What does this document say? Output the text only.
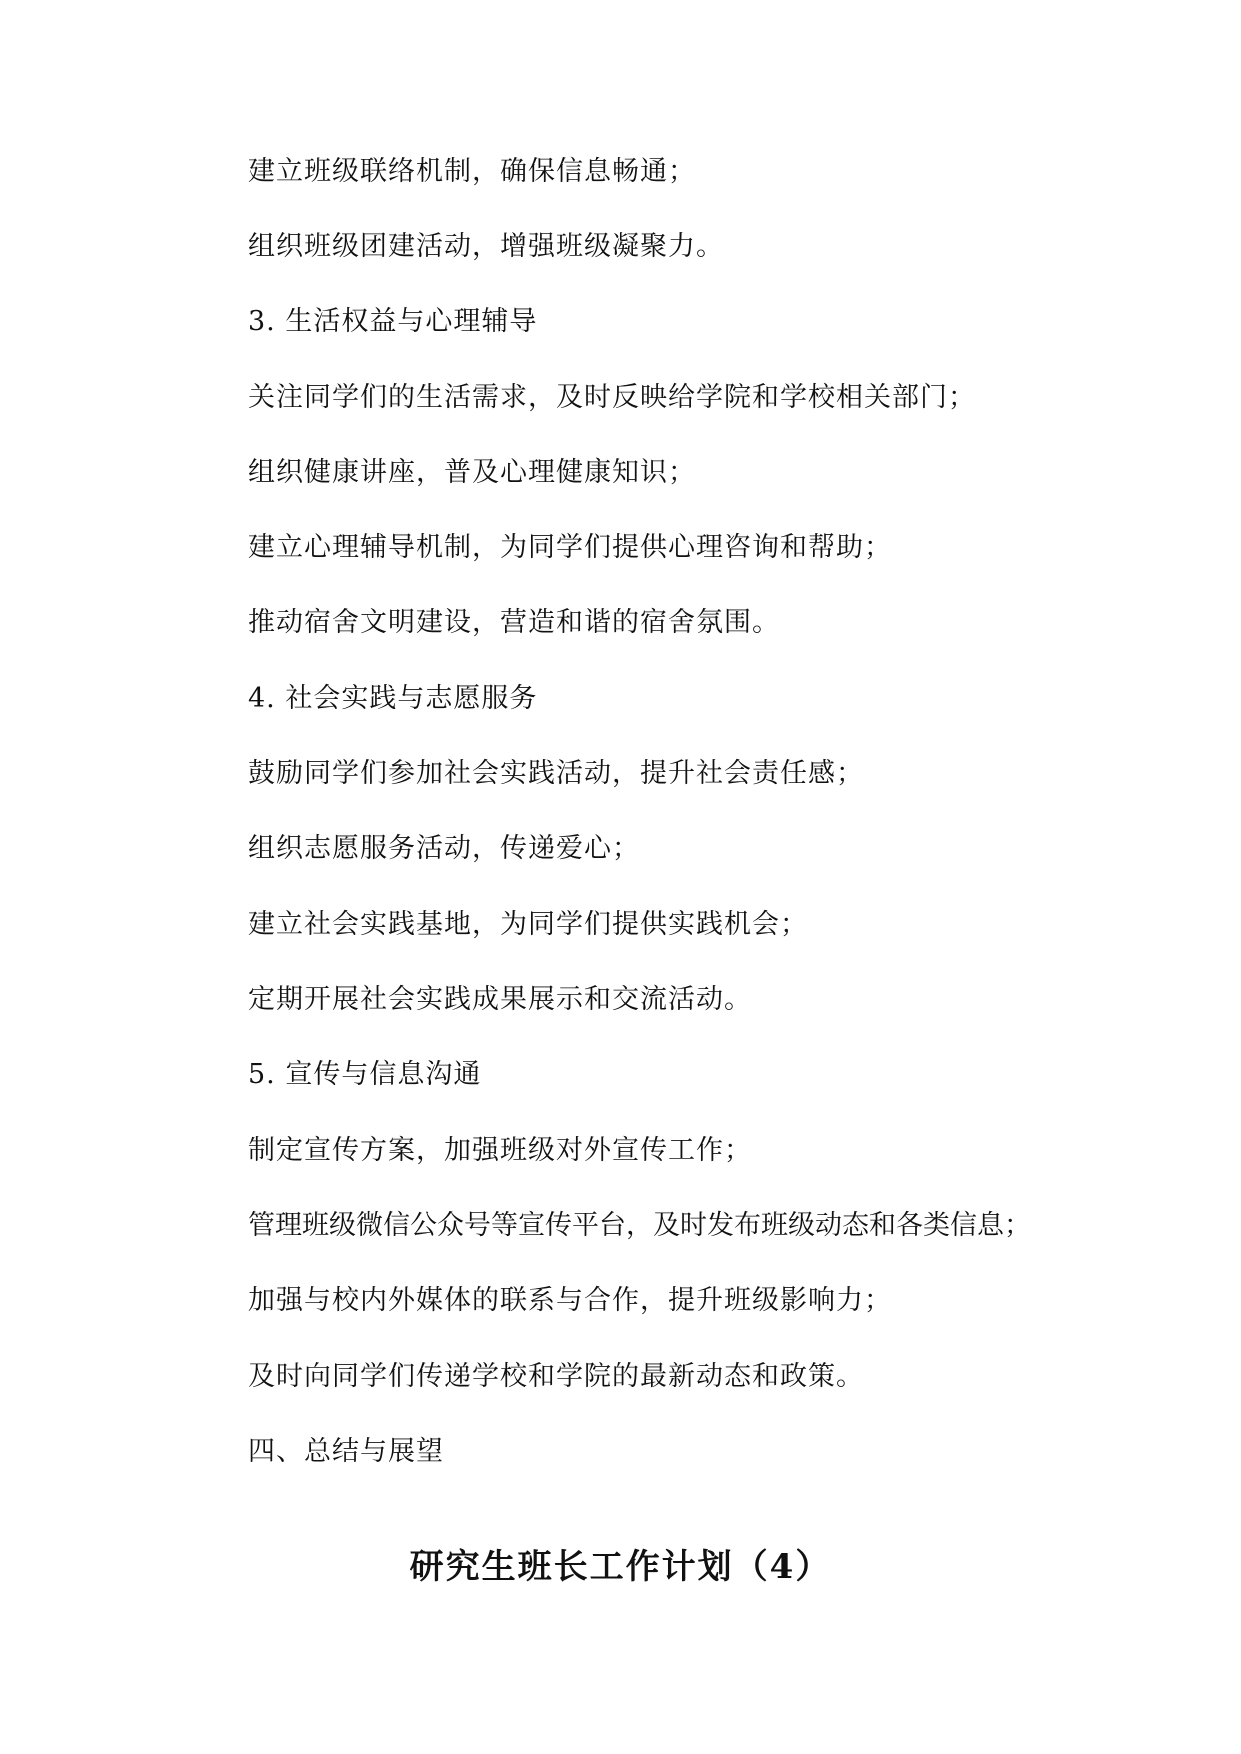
建立班级联络机制，确保信息畅通；
组织班级团建活动，增强班级凝聚力。
3. 生活权益与心理辅导
关注同学们的生活需求，及时反映给学院和学校相关部门；
组织健康讲座，普及心理健康知识；
建立心理辅导机制，为同学们提供心理咨询和帮助；
推动宿舍文明建设，营造和谐的宿舍氛围。
4. 社会实践与志愿服务
鼓励同学们参加社会实践活动，提升社会责任感；
组织志愿服务活动，传递爱心；
建立社会实践基地，为同学们提供实践机会；
定期开展社会实践成果展示和交流活动。
5. 宣传与信息沟通
制定宣传方案，加强班级对外宣传工作；
管理班级微信公众号等宣传平台，及时发布班级动态和各类信息；
加强与校内外媒体的联系与合作，提升班级影响力；
及时向同学们传递学校和学院的最新动态和政策。
四、总结与展望
研究生班长工作计划（4）
